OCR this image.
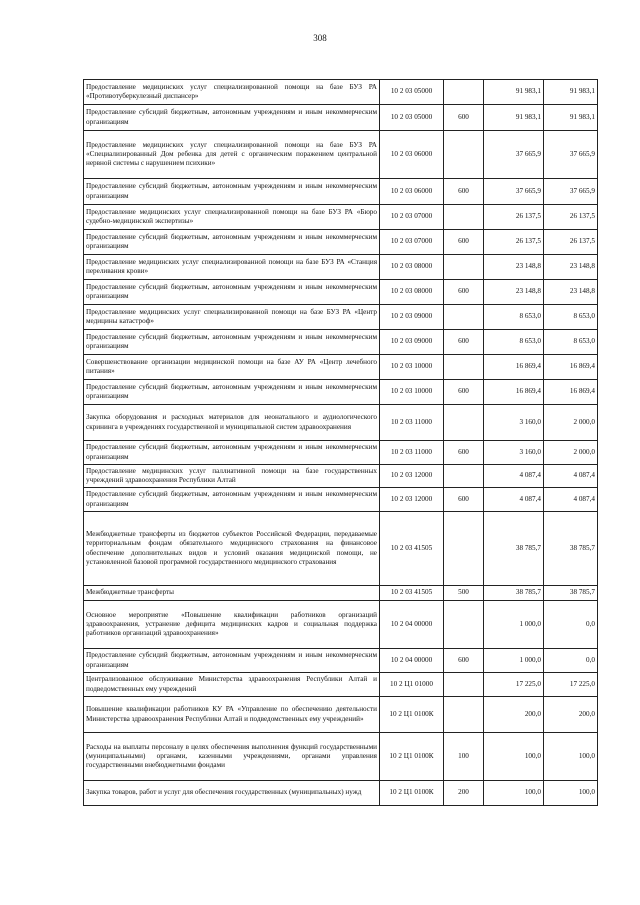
308
Предоставление медицинских услуг специализированной помощи на базе БУЗ РА «Противотуберкулезный диспансер»	10 2 03 05000		91 983,1	91 983,1
Предоставление субсидий бюджетным, автономным учреждениям и иным некоммерческим организациям	10 2 03 05000	600	91 983,1	91 983,1
Предоставление медицинских услуг специализированной помощи на базе БУЗ РА «Специализированный Дом ребенка для детей с органическим поражением центральной нервной системы с нарушением психики»	10 2 03 06000		37 665,9	37 665,9
Предоставление субсидий бюджетным, автономным учреждениям и иным некоммерческим организациям	10 2 03 06000	600	37 665,9	37 665,9
Предоставление медицинских услуг специализированной помощи на базе БУЗ РА «Бюро судебно-медицинской экспертизы»	10 2 03 07000		26 137,5	26 137,5
Предоставление субсидий бюджетным, автономным учреждениям и иным некоммерческим организациям	10 2 03 07000	600	26 137,5	26 137,5
Предоставление медицинских услуг специализированной помощи на базе БУЗ РА «Станция переливания крови»	10 2 03 08000		23 148,8	23 148,8
Предоставление субсидий бюджетным, автономным учреждениям и иным некоммерческим организациям	10 2 03 08000	600	23 148,8	23 148,8
Предоставление медицинских услуг специализированной помощи на базе БУЗ РА «Центр медицины катастроф»	10 2 03 09000		8 653,0	8 653,0
Предоставление субсидий бюджетным, автономным учреждениям и иным некоммерческим организациям	10 2 03 09000	600	8 653,0	8 653,0
Совершенствование организации медицинской помощи на базе АУ РА «Центр лечебного питания»	10 2 03 10000		16 869,4	16 869,4
Предоставление субсидий бюджетным, автономным учреждениям и иным некоммерческим организациям	10 2 03 10000	600	16 869,4	16 869,4
Закупка оборудования и расходных материалов для неонатального и аудиологического скрининга в учреждениях государственной и муниципальной систем здравоохранения	10 2 03 11000		3 160,0	2 000,0
Предоставление субсидий бюджетным, автономным учреждениям и иным некоммерческим организациям	10 2 03 11000	600	3 160,0	2 000,0
Предоставление медицинских услуг паллиативной помощи на базе государственных учреждений здравоохранения Республики Алтай	10 2 03 12000		4 087,4	4 087,4
Предоставление субсидий бюджетным, автономным учреждениям и иным некоммерческим организациям	10 2 03 12000	600	4 087,4	4 087,4
Межбюджетные трансферты из бюджетов субъектов Российской Федерации, передаваемые территориальным фондам обязательного медицинского страхования на финансовое обеспечение дополнительных видов и условий оказания медицинской помощи, не установленной базовой программой государственного медицинского страхования	10 2 03 41505		38 785,7	38 785,7
Межбюджетные трансферты	10 2 03 41505	500	38 785,7	38 785,7
Основное мероприятие «Повышение квалификации работников организаций здравоохранения, устранение дефицита медицинских кадров и социальная поддержка работников организаций здравоохранения»	10 2 04 00000		1 000,0	0,0
Предоставление субсидий бюджетным, автономным учреждениям и иным некоммерческим организациям	10 2 04 00000	600	1 000,0	0,0
Централизованное обслуживание Министерства здравоохранения Республики Алтай и подведомственных ему учреждений	10 2 Ц1 01000		17 225,0	17 225,0
Повышение квалификации работников КУ РА «Управление по обеспечению деятельности Министерства здравоохранения Республики Алтай и подведомственных ему учреждений»	10 2 Ц1 0100К		200,0	200,0
Расходы на выплаты персоналу в целях обеспечения выполнения функций государственными (муниципальными) органами, казенными учреждениями, органами управления государственными внебюджетными фондами	10 2 Ц1 0100К	100	100,0	100,0
Закупка товаров, работ и услуг для обеспечения государственных (муниципальных) нужд	10 2 Ц1 0100К	200	100,0	100,0
